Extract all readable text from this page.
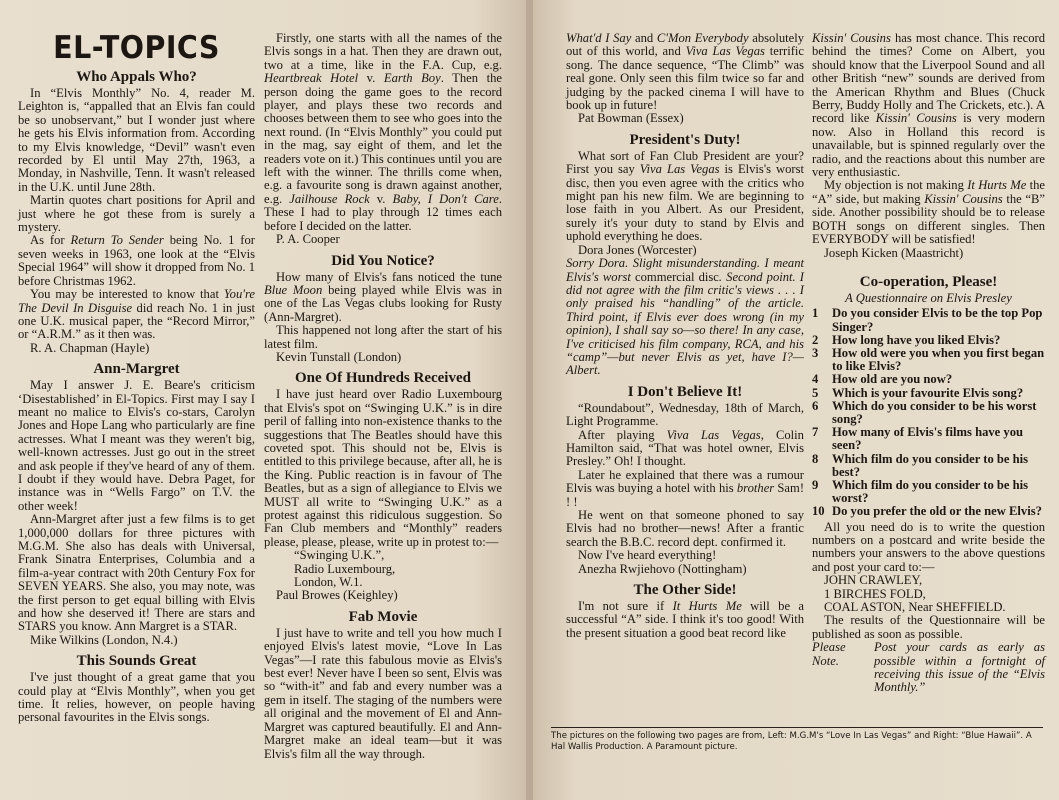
EL-TOPICS
Who Appals Who?

In “Elvis Monthly” No. 4, reader M. Leighton is, “appalled that an Elvis fan could be so unobservant,” but I wonder just where he gets his Elvis information from. According to my Elvis knowledge, “Devil” wasn't even recorded by El until May 27th, 1963, a Monday, in Nashville, Tenn. It wasn't released in the U.K. until June 28th.

Martin quotes chart positions for April and just where he got these from is surely a mystery.

As for Return To Sender being No. 1 for seven weeks in 1963, one look at the “Elvis Special 1964” will show it dropped from No. 1 before Christmas 1962.

You may be interested to know that You're The Devil In Disguise did reach No. 1 in just one U.K. musical paper, the “Record Mirror,” or “A.R.M.” as it then was.

R. A. Chapman (Hayle)

Ann-Margret

May I answer J. E. Beare's criticism ‘Disestablished’ in El-Topics. First may I say I meant no malice to Elvis's co-stars, Carolyn Jones and Hope Lang who particularly are fine actresses. What I meant was they weren't big, well-known actresses. Just go out in the street and ask people if they've heard of any of them. I doubt if they would have. Debra Paget, for instance was in “Wells Fargo” on T.V. the other week!

Ann-Margret after just a few films is to get 1,000,000 dollars for three pictures with M.G.M. She also has deals with Universal, Frank Sinatra Enterprises, Columbia and a film-a-year contract with 20th Century Fox for SEVEN YEARS. She also, you may note, was the first person to get equal billing with Elvis and how she deserved it! There are stars and STARS you know. Ann Margret is a STAR.

Mike Wilkins (London, N.4.)

This Sounds Great

I've just thought of a great game that you could play at “Elvis Monthly”, when you get time. It relies, however, on people having personal favourites in the Elvis songs.

Firstly, one starts with all the names of the Elvis songs in a hat. Then they are drawn out, two at a time, like in the F.A. Cup, e.g. Heartbreak Hotel v. Earth Boy. Then the person doing the game goes to the record player, and plays these two records and chooses between them to see who goes into the next round. (In “Elvis Monthly” you could put in the mag, say eight of them, and let the readers vote on it.) This continues until you are left with the winner. The thrills come when, e.g. a favourite song is drawn against another, e.g. Jailhouse Rock v. Baby, I Don't Care. These I had to play through 12 times each before I decided on the latter.

P. A. Cooper

Did You Notice?

How many of Elvis's fans noticed the tune Blue Moon being played while Elvis was in one of the Las Vegas clubs looking for Rusty (Ann-Margret).

This happened not long after the start of his latest film.

Kevin Tunstall (London)

One Of Hundreds Received

I have just heard over Radio Luxembourg that Elvis's spot on “Swinging U.K.” is in dire peril of falling into non-existence thanks to the suggestions that The Beatles should have this coveted spot. This should not be, Elvis is entitled to this privilege because, after all, he is the King. Public reaction is in favour of The Beatles, but as a sign of allegiance to Elvis we MUST all write to “Swinging U.K.” as a protest against this ridiculous suggestion. So Fan Club members and “Monthly” readers please, please, please, write up in protest to:—

“Swinging U.K.”,
Radio Luxembourg,
London, W.1.

Paul Browes (Keighley)

Fab Movie

I just have to write and tell you how much I enjoyed Elvis's latest movie, “Love In Las Vegas”—I rate this fabulous movie as Elvis's best ever! Never have I been so sent, Elvis was so “with-it” and fab and every number was a gem in itself. The staging of the numbers were all original and the movement of El and Ann-Margret was captured beautifully. El and Ann-Margret make an ideal team—but it was Elvis's film all the way through.

What'd I Say and C'Mon Everybody absolutely out of this world, and Viva Las Vegas terrific song. The dance sequence, “The Climb” was real gone. Only seen this film twice so far and judging by the packed cinema I will have to book up in future!

Pat Bowman (Essex)

President's Duty!

What sort of Fan Club President are your? First you say Viva Las Vegas is Elvis's worst disc, then you even agree with the critics who might pan his new film. We are beginning to lose faith in you Albert. As our President, surely it's your duty to stand by Elvis and uphold everything he does.

Dora Jones (Worcester)

Sorry Dora. Slight misunderstanding. I meant Elvis's worst commercial disc. Second point. I did not agree with the film critic's views . . . I only praised his “handling” of the article. Third point, if Elvis ever does wrong (in my opinion), I shall say so—so there! In any case, I've criticised his film company, RCA, and his “camp”—but never Elvis as yet, have I?—Albert.

I Don't Believe It!

“Roundabout”, Wednesday, 18th of March, Light Programme.

After playing Viva Las Vegas, Colin Hamilton said, “That was hotel owner, Elvis Presley.” Oh! I thought.

Later he explained that there was a rumour Elvis was buying a hotel with his brother Sam! ! !

He went on that someone phoned to say Elvis had no brother—news! After a frantic search the B.B.C. record dept. confirmed it.

Now I've heard everything!

Anezha Rwjiehovo (Nottingham)

The Other Side!

I'm not sure if It Hurts Me will be a successful “A” side. I think it's too good! With the present situation a good beat record like

Kissin' Cousins has most chance. This record behind the times? Come on Albert, you should know that the Liverpool Sound and all other British “new” sounds are derived from the American Rhythm and Blues (Chuck Berry, Buddy Holly and The Crickets, etc.). A record like Kissin' Cousins is very modern now. Also in Holland this record is unavailable, but is spinned regularly over the radio, and the reactions about this number are very enthusiastic.

My objection is not making It Hurts Me the “A” side, but making Kissin' Cousins the “B” side. Another possibility should be to release BOTH songs on different singles. Then EVERYBODY will be satisfied!

Joseph Kicken (Maastricht)

Co-operation, Please!
A Questionnaire on Elvis Presley
1	Do you consider Elvis to be the top Pop Singer?
2	How long have you liked Elvis?
3	How old were you when you first began to like Elvis?
4	How old are you now?
5	Which is your favourite Elvis song?
6	Which do you consider to be his worst song?
7	How many of Elvis's films have you seen?
8	Which film do you consider to be his best?
9	Which film do you consider to be his worst?
10 Do you prefer the old or the new Elvis?

All you need do is to write the question numbers on a postcard and write beside the numbers your answers to the above questions and post your card to:—

JOHN CRAWLEY,

1 BIRCHES FOLD,

COAL ASTON, Near SHEFFIELD.

The results of the Questionnaire will be published as soon as possible.

Please Note.
Post your cards as early as possible within a fortnight of receiving this issue of the “Elvis Monthly.”
The pictures on the following two pages are from, Left: M.G.M's “Love In Las Vegas” and Right: “Blue Hawaii”. A Hal Wallis Production. A Paramount picture.
